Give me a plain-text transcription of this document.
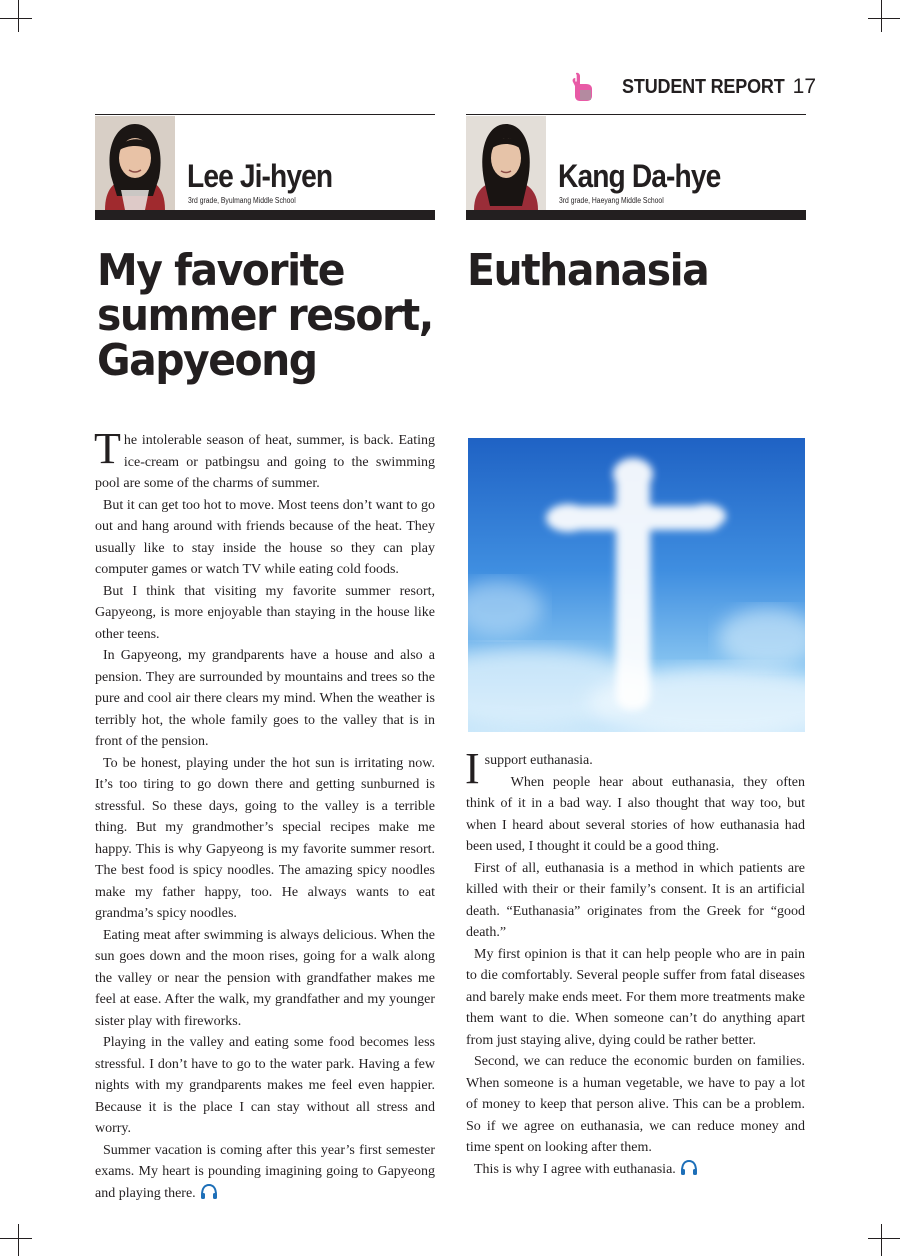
STUDENT REPORT 17
Lee Ji-hyen
3rd grade, Byulmang Middle School
Kang Da-hye
3rd grade, Haeyang Middle School
My favorite
summer resort,
Gapyeong
Euthanasia

The intolerable season of heat, summer, is back. Eating ice-cream or patbingsu and going to the swimming pool are some of the charms of summer.

But it can get too hot to move. Most teens don’t want to go out and hang around with friends because of the heat. They usually like to stay inside the house so they can play computer games or watch TV while eating cold foods.

But I think that visiting my favorite summer resort, Gapyeong, is more enjoyable than staying in the house like other teens.

In Gapyeong, my grandparents have a house and also a pension. They are surrounded by mountains and trees so the pure and cool air there clears my mind. When the weather is terribly hot, the whole family goes to the valley that is in front of the pension.

To be honest, playing under the hot sun is irritating now. It’s too tiring to go down there and getting sunburned is stressful. So these days, going to the valley is a terrible thing. But my grandmother’s special recipes make me happy. This is why Gapyeong is my favorite summer resort. The best food is spicy noodles. The amazing spicy noodles make my father happy, too. He always wants to eat grandma’s spicy noodles.

Eating meat after swimming is always delicious. When the sun goes down and the moon rises, going for a walk along the valley or near the pension with grandfather makes me feel at ease. After the walk, my grandfather and my younger sister play with fireworks.

Playing in the valley and eating some food becomes less stressful. I don’t have to go to the water park. Having a few nights with my grandparents makes me feel even happier. Because it is the place I can stay without all stress and worry.

Summer vacation is coming after this year’s first semester exams. My heart is pounding imagining going to Gapyeong and playing there.

Isupport euthanasia.

When people hear about euthanasia, they often think of it in a bad way. I also thought that way too, but when I heard about several stories of how euthanasia had been used, I thought it could be a good thing.

First of all, euthanasia is a method in which patients are killed with their or their family’s consent. It is an artificial death. “Euthanasia” originates from the Greek for “good death.”

My first opinion is that it can help people who are in pain to die comfortably. Several people suffer from fatal diseases and barely make ends meet. For them more treatments make them want to die. When someone can’t do anything apart from just staying alive, dying could be rather better.

Second, we can reduce the economic burden on families. When someone is a human vegetable, we have to pay a lot of money to keep that person alive. This can be a problem. So if we agree on euthanasia, we can reduce money and time spent on looking after them.

This is why I agree with euthanasia.
